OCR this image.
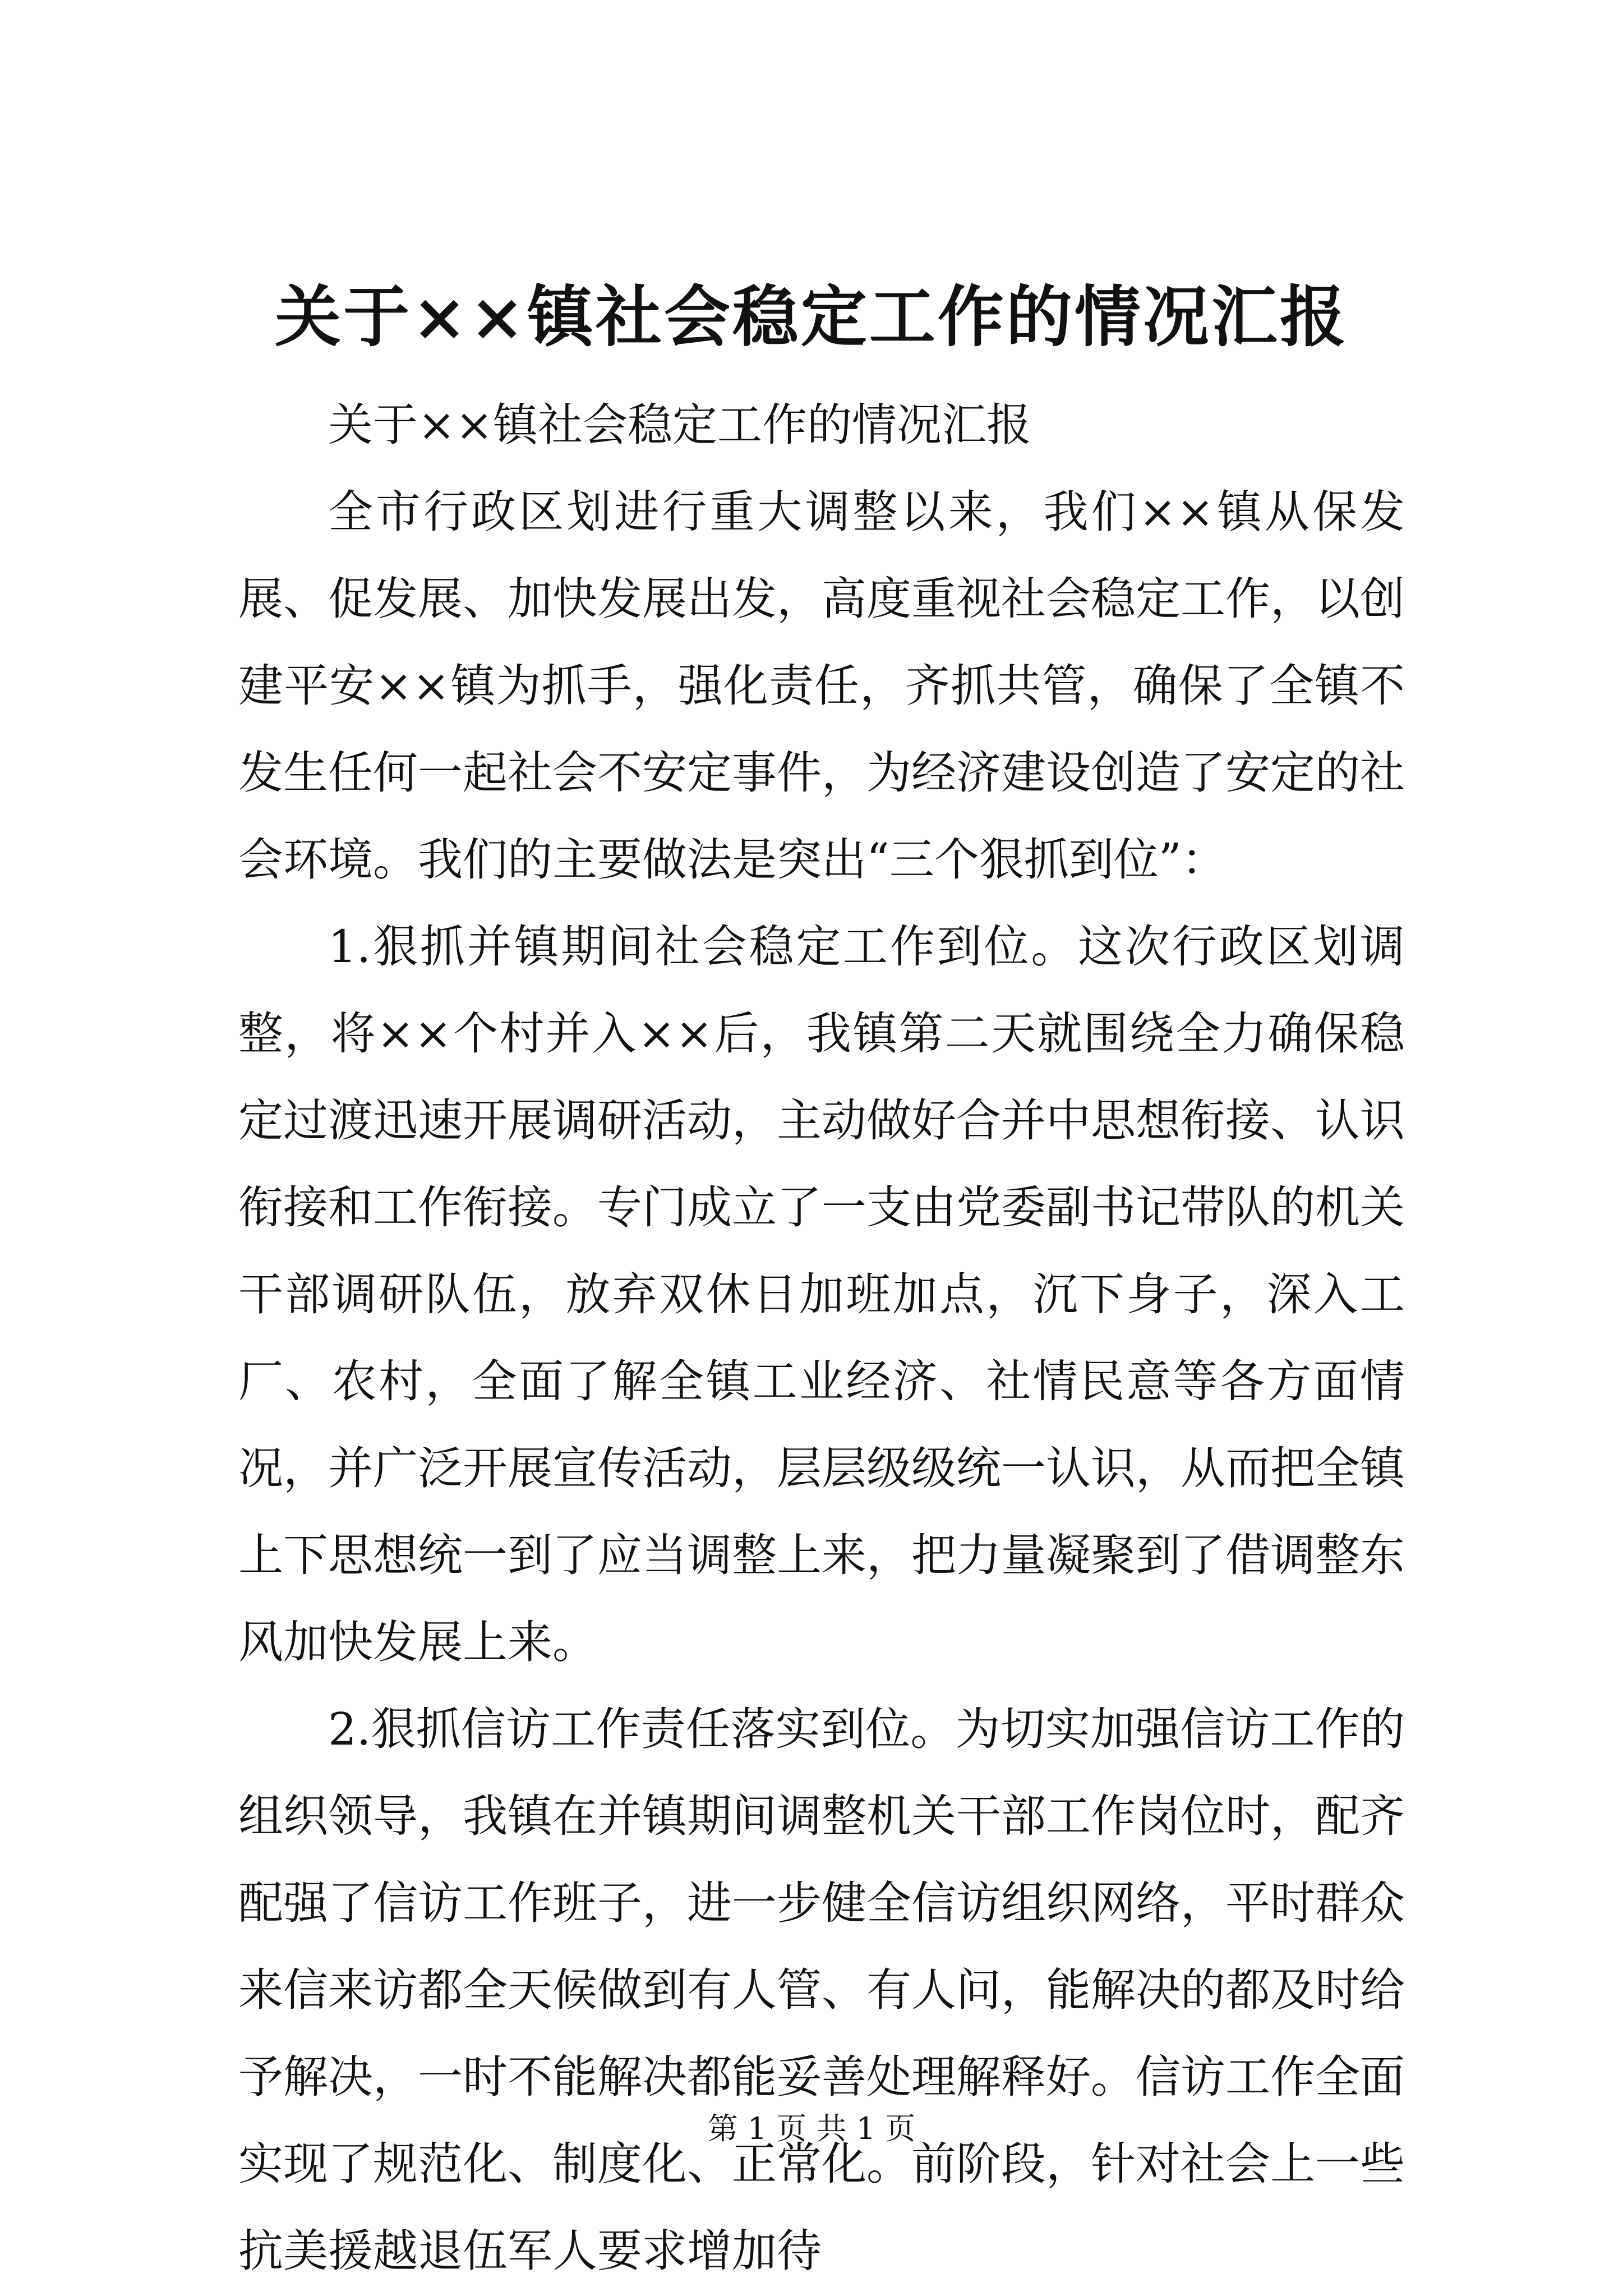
关于××镇社会稳定工作的情况汇报

关于××镇社会稳定工作的情况汇报

全市行政区划进行重大调整以来，我们××镇从保发展、促发展、加快发展出发，高度重视社会稳定工作，以创建平安××镇为抓手，强化责任，齐抓共管，确保了全镇不发生任何一起社会不安定事件，为经济建设创造了安定的社会环境。我们的主要做法是突出“三个狠抓到位”：

1.狠抓并镇期间社会稳定工作到位。这次行政区划调整，将××个村并入××后，我镇第二天就围绕全力确保稳定过渡迅速开展调研活动，主动做好合并中思想衔接、认识衔接和工作衔接。专门成立了一支由党委副书记带队的机关干部调研队伍，放弃双休日加班加点，沉下身子，深入工厂、农村，全面了解全镇工业经济、社情民意等各方面情况，并广泛开展宣传活动，层层级级统一认识，从而把全镇上下思想统一到了应当调整上来，把力量凝聚到了借调整东风加快发展上来。

2.狠抓信访工作责任落实到位。为切实加强信访工作的组织领导，我镇在并镇期间调整机关干部工作岗位时，配齐配强了信访工作班子，进一步健全信访组织网络，平时群众来信来访都全天候做到有人管、有人问，能解决的都及时给予解决，一时不能解决都能妥善处理解释好。信访工作全面实现了规范化、制度化、正常化。前阶段，针对社会上一些抗美援越退伍军人要求增加待

第 1 页 共 1 页
